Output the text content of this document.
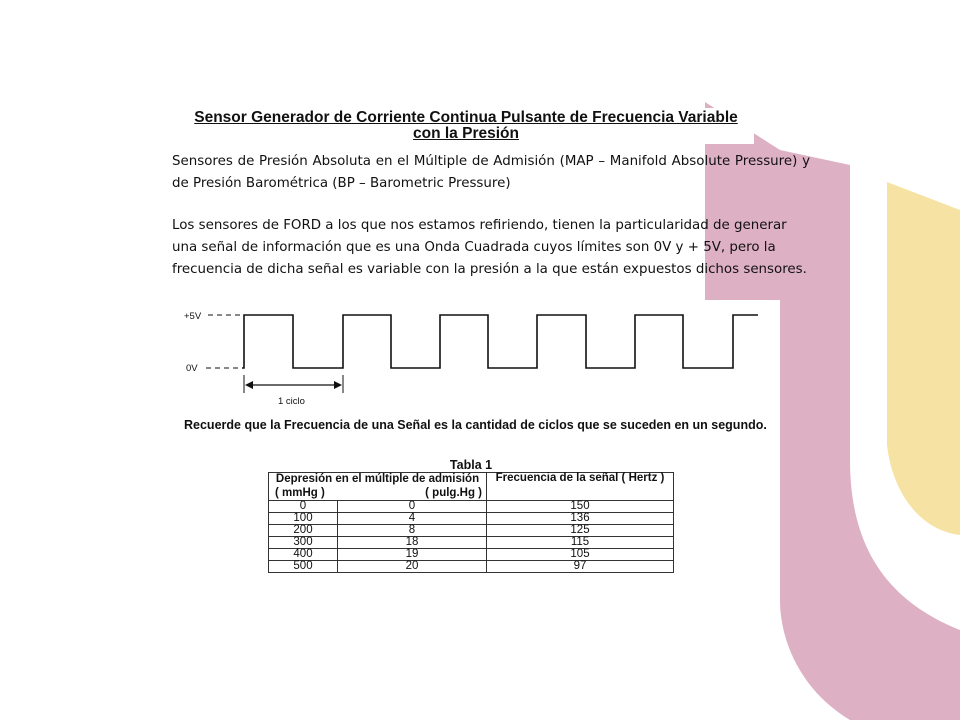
Sensor Generador de Corriente Continua Pulsante de Frecuencia Variable
con la Presión
Sensores de Presión Absoluta en el Múltiple de Admisión (MAP – Manifold Absolute Pressure) y de Presión Barométrica (BP – Barometric Pressure)
Los sensores de FORD a los que nos estamos refiriendo, tienen la particularidad de generar una señal de información que es una Onda Cuadrada cuyos límites son 0V y + 5V, pero la frecuencia de dicha señal es variable con la presión a la que están expuestos dichos sensores.
+5V
0V
1 ciclo
Recuerde que la Frecuencia de una Señal es la cantidad de ciclos que se suceden en un segundo.
Tabla 1
Depresión en el múltiple de admisión
( mmHg ) ( pulg.Hg )		Frecuencia de la señal ( Hertz )
0	0	150
100	4	136
200	8	125
300	18	115
400	19	105
500	20	97
